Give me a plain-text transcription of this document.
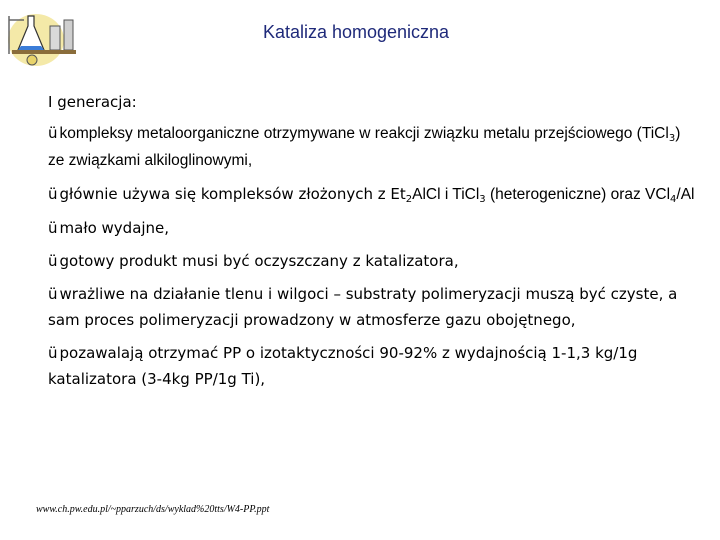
Kataliza homogeniczna
I generacja:
ü kompleksy metaloorganiczne otrzymywane w reakcji związku metalu przejściowego (TiCl$_3$) ze związkami alkiloglinowymi,
ü głównie używa się kompleksów złożonych z $Et_2AlCl$ i TiCl$_3$ (heterogeniczne) oraz VCl$_4$/Al
ü mało wydajne,
ü gotowy produkt musi być oczyszczany z katalizatora,
ü wrażliwe na działanie tlenu i wilgoci – substraty polimeryzacji muszą być czyste, a sam proces polimeryzacji prowadzony w atmosferze gazu obojętnego,
ü pozawalają otrzymać PP o izotaktyczności 90-92% z wydajnością 1-1,3 kg/1g katalizatora (3-4kg PP/1g Ti),
www.ch.pw.edu.pl/~pparzuch/ds/wyklad%20tts/W4-PP.ppt
